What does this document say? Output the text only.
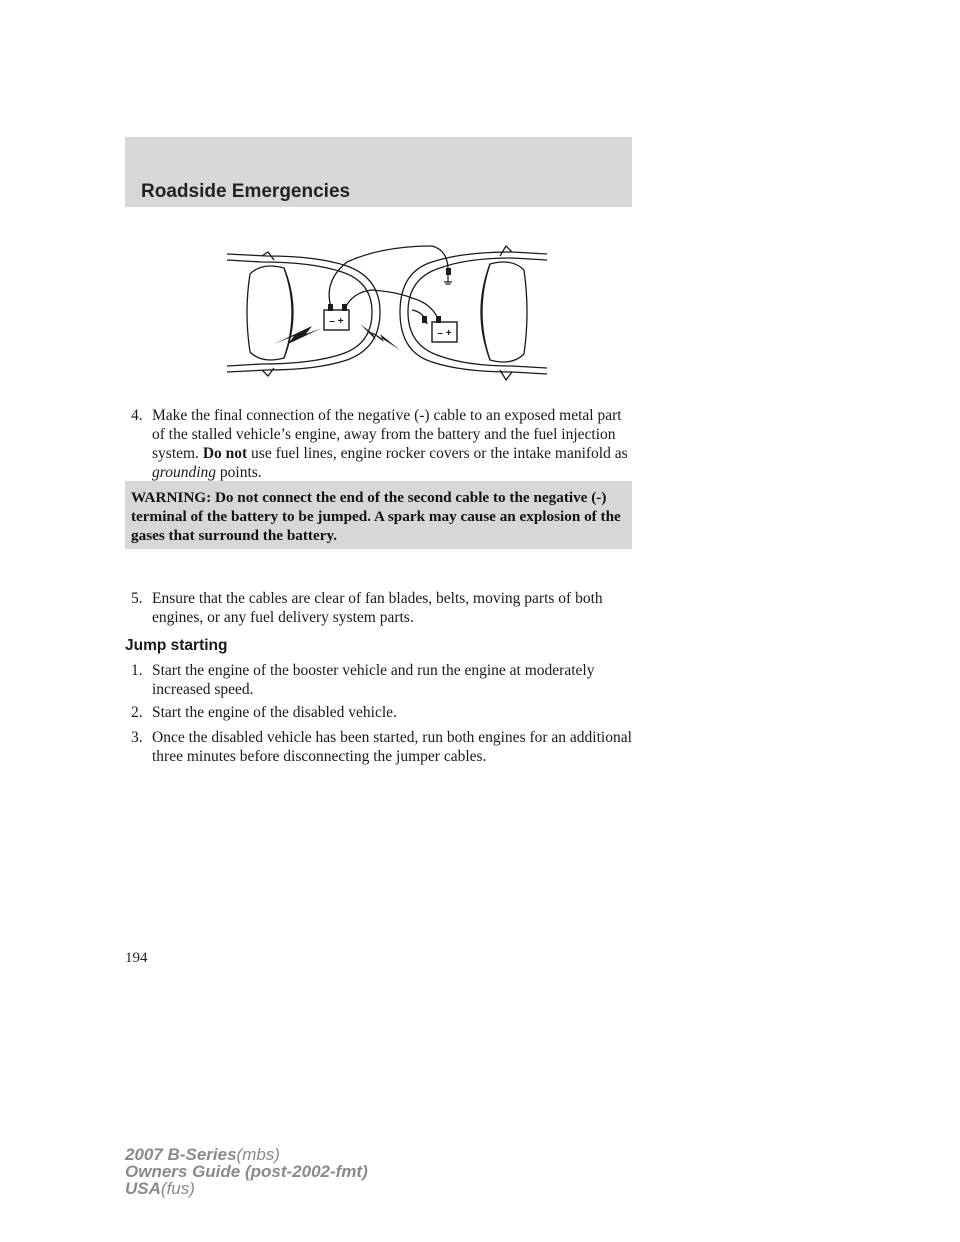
Roadside Emergencies
– +
– +
4. Make the final connection of the negative (-) cable to an exposed metal part of the stalled vehicle’s engine, away from the battery and the fuel injection system. Do not use fuel lines, engine rocker covers or the intake manifold as grounding points.

WARNING: Do not connect the end of the second cable to the negative (-) terminal of the battery to be jumped. A spark may cause an explosion of the gases that surround the battery.

5. Ensure that the cables are clear of fan blades, belts, moving parts of both engines, or any fuel delivery system parts.
Jump starting
1. Start the engine of the booster vehicle and run the engine at moderately increased speed.
2. Start the engine of the disabled vehicle.
3. Once the disabled vehicle has been started, run both engines for an additional three minutes before disconnecting the jumper cables.
194
2007 B-Series(mbs)
Owners Guide (post-2002-fmt)
USA(fus)
